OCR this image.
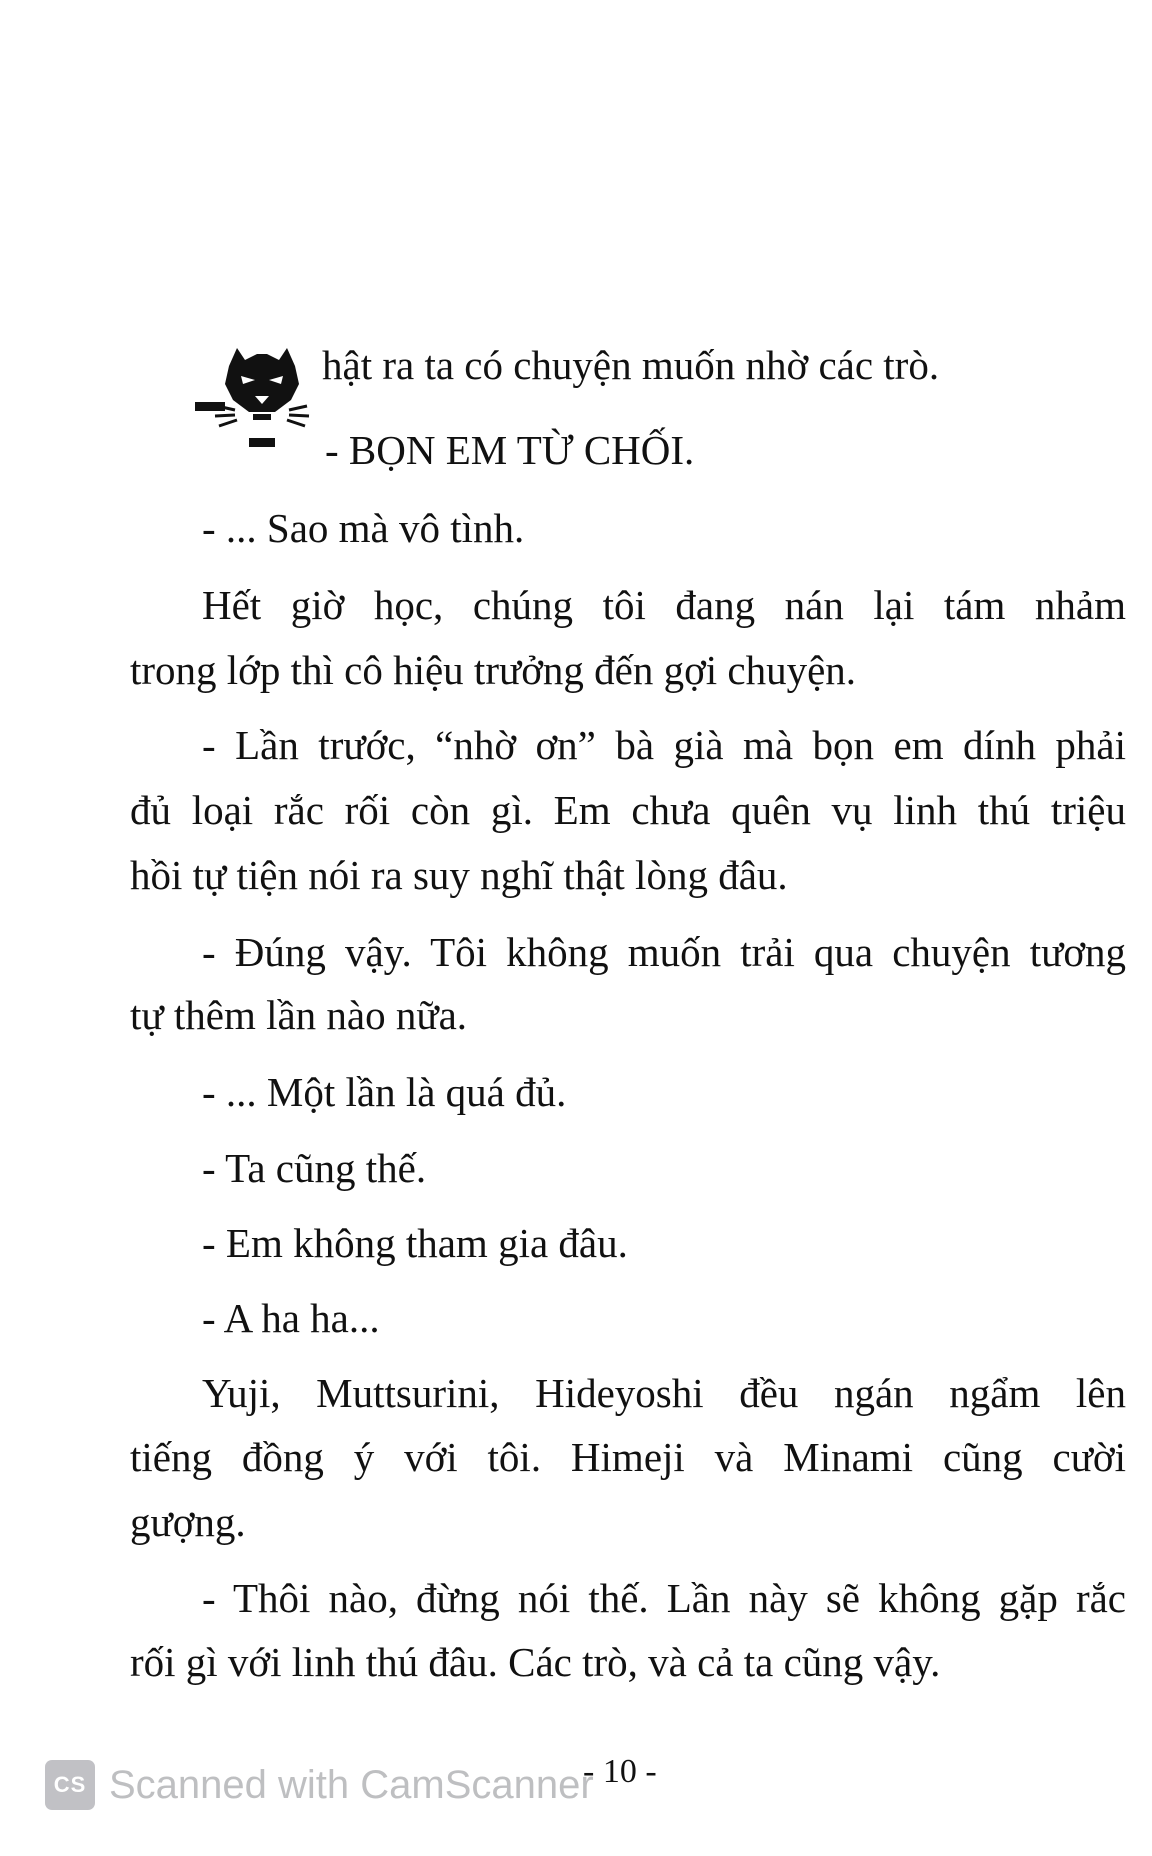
hật ra ta có chuyện muốn nhờ các trò.
- BỌN EM TỪ CHỐI.
- ... Sao mà vô tình.
Hết giờ học, chúng tôi đang nán lại tám nhảm
trong lớp thì cô hiệu trưởng đến gợi chuyện.
- Lần trước, “nhờ ơn” bà già mà bọn em dính phải
đủ loại rắc rối còn gì. Em chưa quên vụ linh thú triệu
hồi tự tiện nói ra suy nghĩ thật lòng đâu.
- Đúng vậy. Tôi không muốn trải qua chuyện tương
tự thêm lần nào nữa.
- ... Một lần là quá đủ.
- Ta cũng thế.
- Em không tham gia đâu.
- A ha ha...
Yuji, Muttsurini, Hideyoshi đều ngán ngẩm lên
tiếng đồng ý với tôi. Himeji và Minami cũng cười
gượng.
- Thôi nào, đừng nói thế. Lần này sẽ không gặp rắc
rối gì với linh thú đâu. Các trò, và cả ta cũng vậy.
- 10 -
CS Scanned with CamScanner
